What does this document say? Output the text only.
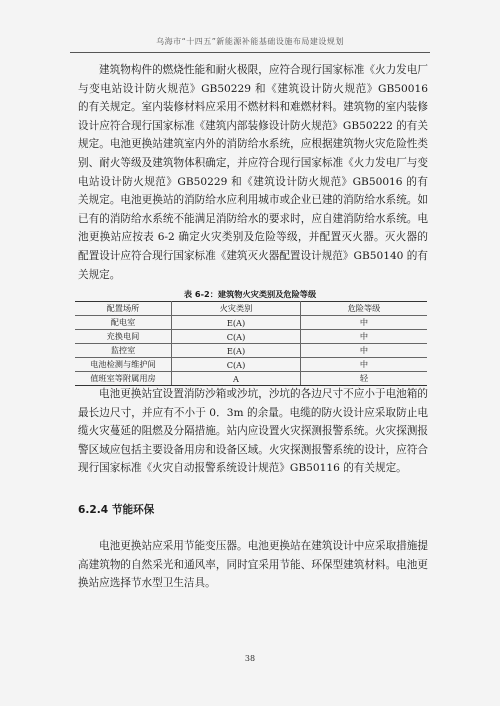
乌海市“十四五”新能源补能基础设施布局建设规划

建筑物构件的燃烧性能和耐火极限，应符合现行国家标准《火力发电厂与变电站设计防火规范》GB50229 和《建筑设计防火规范》GB50016 的有关规定。室内装修材料应采用不燃材料和难燃材料。建筑物的室内装修设计应符合现行国家标准《建筑内部装修设计防火规范》GB50222 的有关规定。电池更换站建筑室内外的消防给水系统，应根据建筑物火灾危险性类别、耐火等级及建筑物体积确定，并应符合现行国家标准《火力发电厂与变电站设计防火规范》GB50229 和《建筑设计防火规范》GB50016 的有关规定。电池更换站的消防给水应利用城市或企业已建的消防给水系统。如已有的消防给水系统不能满足消防给水的要求时，应自建消防给水系统。电池更换站应按表 6-2 确定火灾类别及危险等级，并配置灭火器。灭火器的配置设计应符合现行国家标准《建筑灭火器配置设计规范》GB50140 的有关规定。

表 6-2：建筑物火灾类别及危险等级
配置场所	火灾类别	危险等级
配电室	E(A)	中
充换电间	C(A)	中
监控室	E(A)	中
电池检测与维护间	C(A)	中
值班室等附属用房	A	轻

电池更换站宜设置消防沙箱或沙坑，沙坑的各边尺寸不应小于电池箱的最长边尺寸，并应有不小于 0．3m 的余量。电缆的防火设计应采取防止电缆火灾蔓延的阻燃及分隔措施。站内应设置火灾探测报警系统。火灾探测报警区域应包括主要设备用房和设备区域。火灾探测报警系统的设计，应符合现行国家标准《火灾自动报警系统设计规范》GB50116 的有关规定。

6.2.4 节能环保

电池更换站应采用节能变压器。电池更换站在建筑设计中应采取措施提高建筑物的自然采光和通风率，同时宜采用节能、环保型建筑材料。电池更换站应选择节水型卫生洁具。

38
